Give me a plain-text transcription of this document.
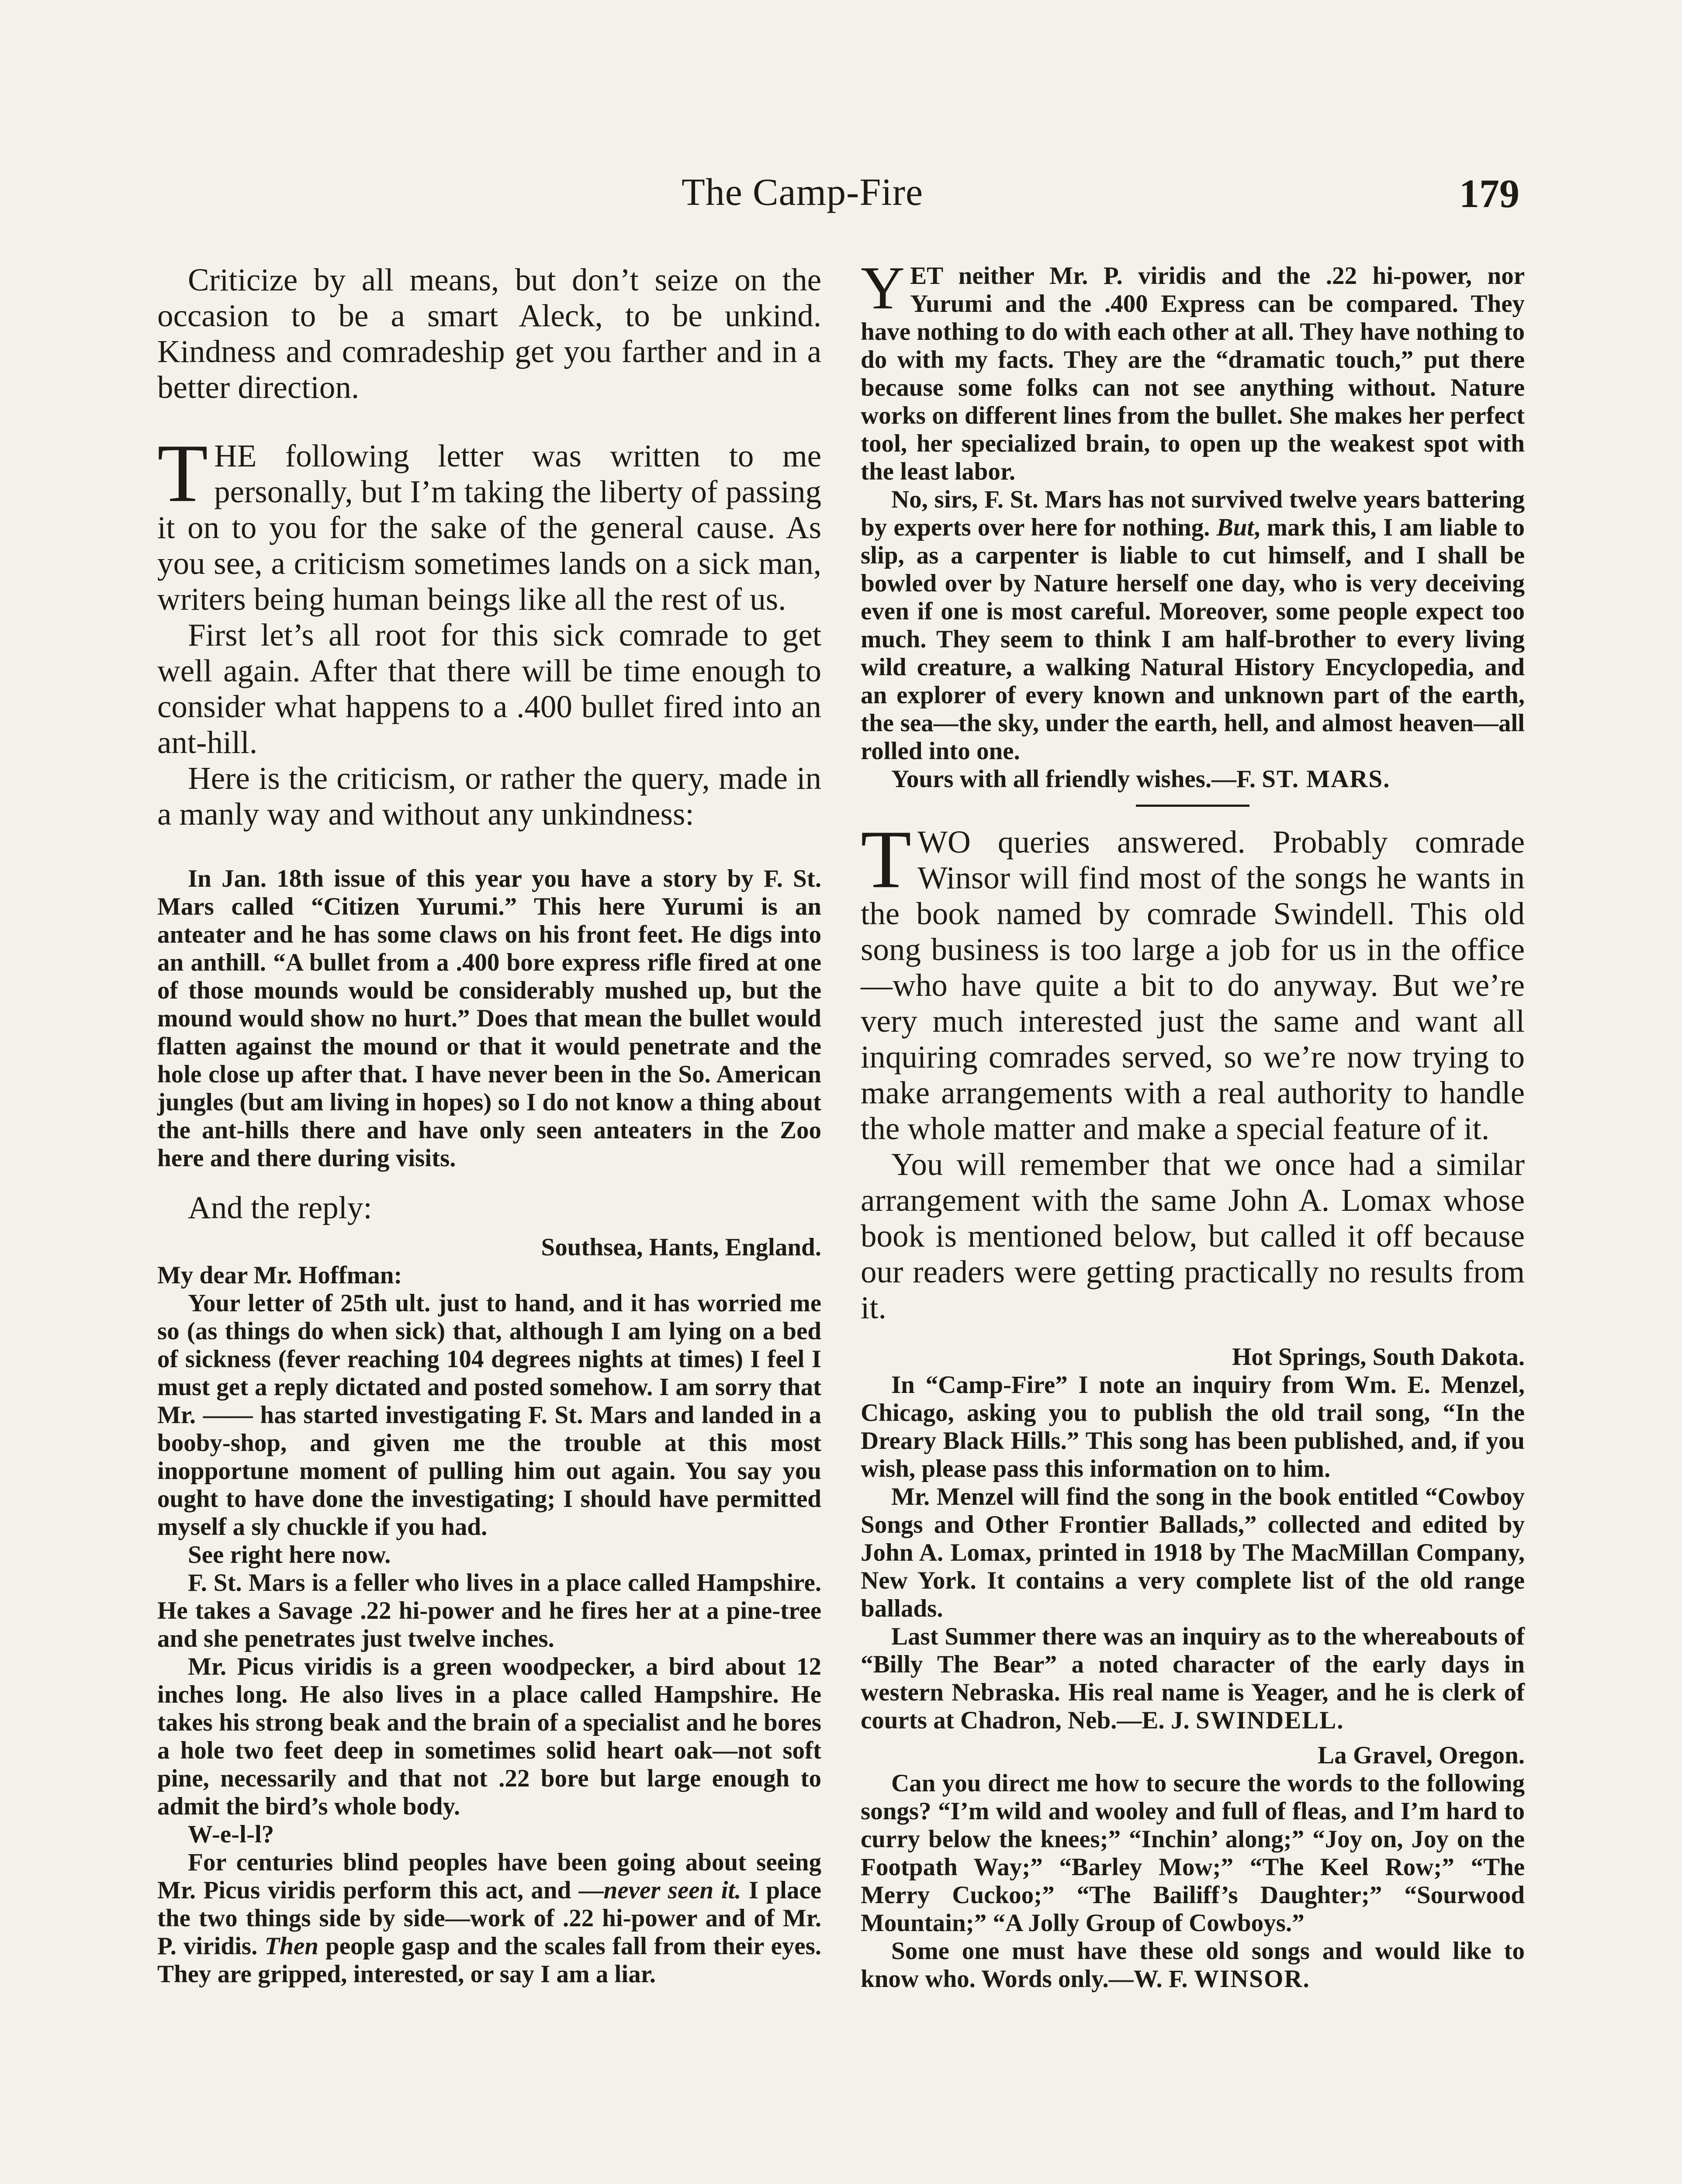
The Camp-Fire	179

Criticize by all means, but don’t seize on the occasion to be a smart Aleck, to be unkind. Kindness and comradeship get you farther and in a better direction.

THE following letter was written to me personally, but I’m taking the liberty of passing it on to you for the sake of the general cause. As you see, a criticism sometimes lands on a sick man, writers being human beings like all the rest of us.

First let’s all root for this sick comrade to get well again. After that there will be time enough to consider what happens to a .400 bullet fired into an ant-hill.

Here is the criticism, or rather the query, made in a manly way and without any unkindness:

In Jan. 18th issue of this year you have a story by F. St. Mars called “Citizen Yurumi.” This here Yurumi is an anteater and he has some claws on his front feet. He digs into an anthill. “A bullet from a .400 bore express rifle fired at one of those mounds would be considerably mushed up, but the mound would show no hurt.” Does that mean the bullet would flatten against the mound or that it would penetrate and the hole close up after that. I have never been in the So. American jungles (but am living in hopes) so I do not know a thing about the ant-hills there and have only seen anteaters in the Zoo here and there during visits.

And the reply:

Southsea, Hants, England.

My dear Mr. Hoffman:

Your letter of 25th ult. just to hand, and it has worried me so (as things do when sick) that, although I am lying on a bed of sickness (fever reaching 104 degrees nights at times) I feel I must get a reply dictated and posted somehow. I am sorry that Mr. —— has started investigating F. St. Mars and landed in a booby-shop, and given me the trouble at this most inopportune moment of pulling him out again. You say you ought to have done the investigating; I should have permitted myself a sly chuckle if you had.

See right here now.

F. St. Mars is a feller who lives in a place called Hampshire. He takes a Savage .22 hi-power and he fires her at a pine-tree and she penetrates just twelve inches.

Mr. Picus viridis is a green woodpecker, a bird about 12 inches long. He also lives in a place called Hampshire. He takes his strong beak and the brain of a specialist and he bores a hole two feet deep in sometimes solid heart oak—not soft pine, necessarily and that not .22 bore but large enough to admit the bird’s whole body.

W-e-l-l?

For centuries blind peoples have been going about seeing Mr. Picus viridis perform this act, and —never seen it. I place the two things side by side—work of .22 hi-power and of Mr. P. viridis. Then people gasp and the scales fall from their eyes. They are gripped, interested, or say I am a liar.

YET neither Mr. P. viridis and the .22 hi-power, nor Yurumi and the .400 Express can be compared. They have nothing to do with each other at all. They have nothing to do with my facts. They are the “dramatic touch,” put there because some folks can not see anything without. Nature works on different lines from the bullet. She makes her perfect tool, her specialized brain, to open up the weakest spot with the least labor.

No, sirs, F. St. Mars has not survived twelve years battering by experts over here for nothing. But, mark this, I am liable to slip, as a carpenter is liable to cut himself, and I shall be bowled over by Nature herself one day, who is very deceiving even if one is most careful. Moreover, some people expect too much. They seem to think I am half-brother to every living wild creature, a walking Natural History Encyclopedia, and an explorer of every known and unknown part of the earth, the sea—the sky, under the earth, hell, and almost heaven—all rolled into one.

Yours with all friendly wishes.—F. ST. MARS.

TWO queries answered. Probably comrade Winsor will find most of the songs he wants in the book named by comrade Swindell. This old song business is too large a job for us in the office—who have quite a bit to do anyway. But we’re very much interested just the same and want all inquiring comrades served, so we’re now trying to make arrangements with a real authority to handle the whole matter and make a special feature of it.

You will remember that we once had a similar arrangement with the same John A. Lomax whose book is mentioned below, but called it off because our readers were getting practically no results from it.

Hot Springs, South Dakota.

In “Camp-Fire” I note an inquiry from Wm. E. Menzel, Chicago, asking you to publish the old trail song, “In the Dreary Black Hills.” This song has been published, and, if you wish, please pass this information on to him.

Mr. Menzel will find the song in the book entitled “Cowboy Songs and Other Frontier Ballads,” collected and edited by John A. Lomax, printed in 1918 by The MacMillan Company, New York. It contains a very complete list of the old range ballads.

Last Summer there was an inquiry as to the whereabouts of “Billy The Bear” a noted character of the early days in western Nebraska. His real name is Yeager, and he is clerk of courts at Chadron, Neb.—E. J. SWINDELL.

La Gravel, Oregon.

Can you direct me how to secure the words to the following songs? “I’m wild and wooley and full of fleas, and I’m hard to curry below the knees;” “Inchin’ along;” “Joy on, Joy on the Footpath Way;” “Barley Mow;” “The Keel Row;” “The Merry Cuckoo;” “The Bailiff’s Daughter;” “Sourwood Mountain;” “A Jolly Group of Cowboys.”

Some one must have these old songs and would like to know who. Words only.—W. F. WINSOR.
